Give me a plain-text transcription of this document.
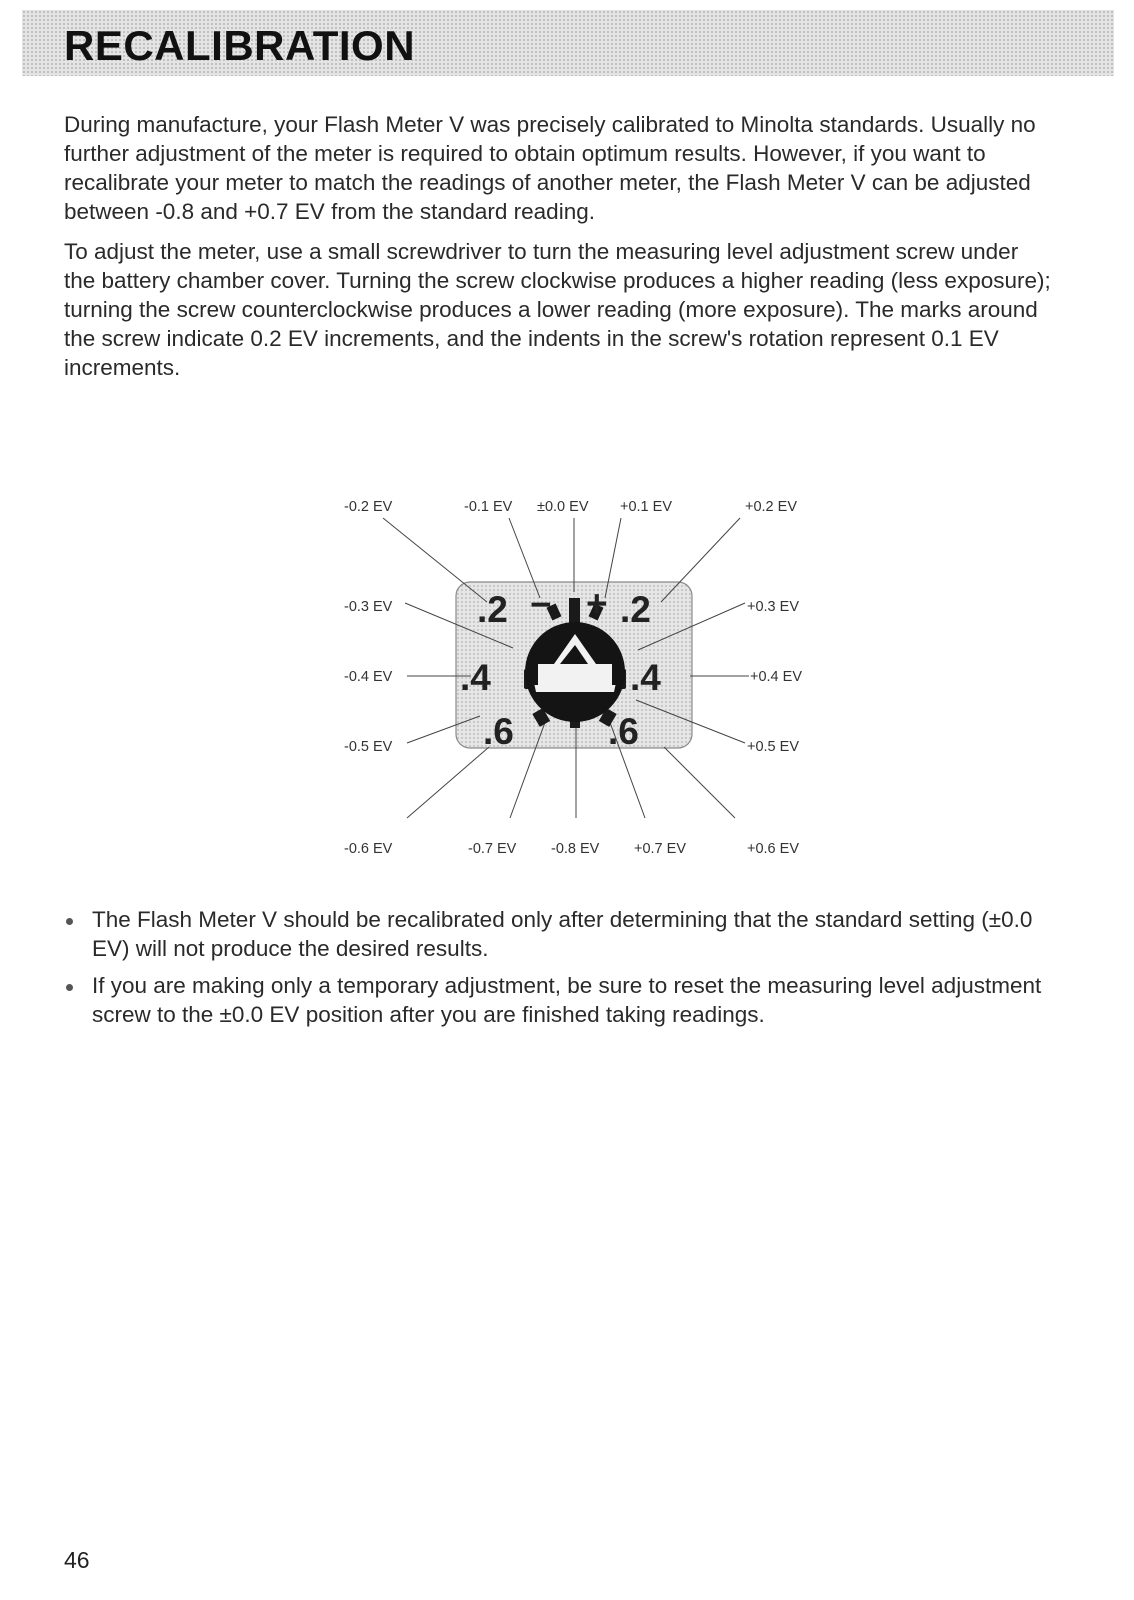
RECALIBRATION

During manufacture, your Flash Meter V was precisely calibrated to Minolta standards. Usually no further adjustment of the meter is required to obtain optimum results. However, if you want to recalibrate your meter to match the readings of another meter, the Flash Meter V can be adjusted between -0.8 and +0.7 EV from the standard reading.

To adjust the meter, use a small screwdriver to turn the measuring level adjustment screw under the battery chamber cover. Turning the screw clockwise produces a higher reading (less exposure); turning the screw counterclockwise produces a lower reading (more exposure). The marks around the screw indicate 0.2 EV increments, and the indents in the screw's rotation represent 0.1 EV increments.

.2	.2
.4	.4
.6	.6
− +
-0.2 EV	-0.1 EV ±0.0 EV +0.1 EV	+0.2 EV
-0.3 EV
-0.4 EV
-0.5 EV
+0.3 EV
+0.4 EV
+0.5 EV
-0.6 EV	-0.7 EV -0.8 EV +0.7 EV	+0.6 EV
The Flash Meter V should be recalibrated only after determining that the standard setting (±0.0 EV) will not produce the desired results.
If you are making only a temporary adjustment, be sure to reset the measuring level adjustment screw to the ±0.0 EV position after you are finished taking readings.
46
